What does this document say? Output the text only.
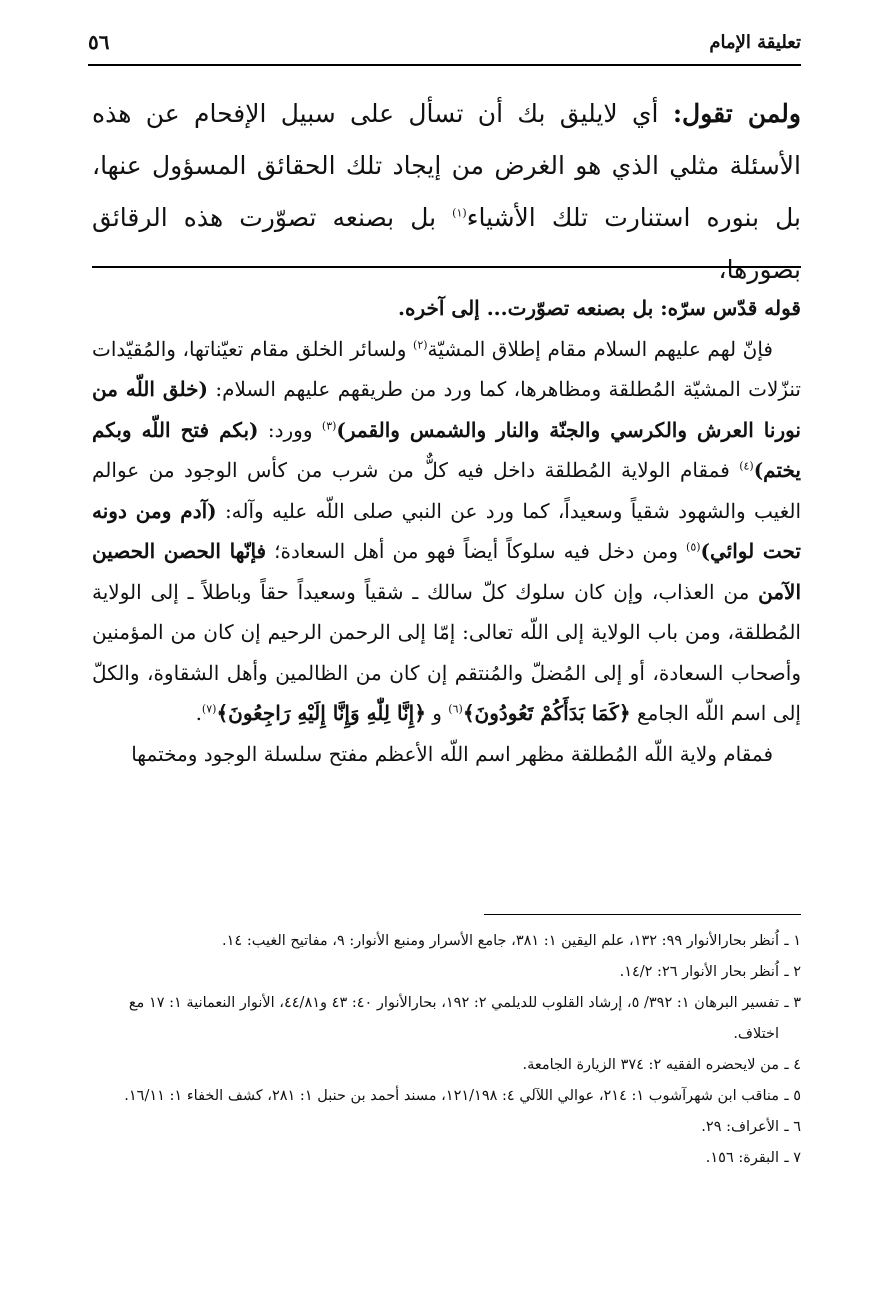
تعليقة الإمام
٥٦
ولمن تقول: أي لايليق بك أن تسأل على سبيل الإفحام عن هذه الأسئلة مثلي الذي هو الغرض من إيجاد تلك الحقائق المسؤول عنها، بل بنوره استنارت تلك الأشياء$^{(١)}$ بل بصنعه تصوّرت هذه الرقائق بصورها،

قوله قدّس سرّه: بل بصنعه تصوّرت... إلى آخره.

فإنّ لهم عليهم السلام مقام إطلاق المشيّة$^{(٢)}$ ولسائر الخلق مقام تعيّناتها، والمُقيّدات تنزّلات المشيّة المُطلقة ومظاهرها، كما ورد من طريقهم عليهم السلام: (خلق اللّه من نورنا العرش والكرسي والجنّة والنار والشمس والقمر)$^{(٣)}$ وورد: (بكم فتح اللّه وبكم يختم)$^{(٤)}$ فمقام الولاية المُطلقة داخل فيه كلٌّ من شرب من كأس الوجود من عوالم الغيب والشهود شقياً وسعيداً، كما ورد عن النبي صلى اللّه عليه وآله: (آدم ومن دونه تحت لوائي)$^{(٥)}$ ومن دخل فيه سلوكاً أيضاً فهو من أهل السعادة؛ فإنّها الحصن الحصين الآمن من العذاب، وإن كان سلوك كلّ سالك ـ شقياً وسعيداً حقاً وباطلاً ـ إلى الولاية المُطلقة، ومن باب الولاية إلى اللّه تعالى: إمّا إلى الرحمن الرحيم إن كان من المؤمنين وأصحاب السعادة، أو إلى المُضلّ والمُنتقم إن كان من الظالمين وأهل الشقاوة، والكلّ إلى اسم اللّه الجامع ﴿كَمَا بَدَأَكُمْ تَعُودُونَ﴾$^{(٦)}$ و ﴿إِنَّا لِلّٰهِ وَإِنَّا إِلَيْهِ رَاجِعُونَ﴾$^{(٧)}$.

فمقام ولاية اللّه المُطلقة مظهر اسم اللّه الأعظم مفتح سلسلة الوجود ومختمها

١ ـاُنظر بحارالأنوار ٩٩: ١٣٢، علم اليقين ١: ٣٨١، جامع الأسرار ومنبع الأنوار: ٩، مفاتيح الغيب: ١٤.

٢ ـاُنظر بحار الأنوار ٢٦: ١٤/٢.

٣ ـتفسير البرهان ١: ٣٩٢/ ٥، إرشاد القلوب للديلمي ٢: ١٩٢، بحارالأنوار ٤٠: ٤٣ و٤٤/٨١، الأنوار النعمانية ١: ١٧ مع اختلاف.

٤ ـمن لايحضره الفقيه ٢: ٣٧٤ الزيارة الجامعة.

٥ ـمناقب ابن شهرآشوب ١: ٢١٤، عوالي اللآلي ٤: ١٢١/١٩٨، مسند أحمد بن حنبل ١: ٢٨١، كشف الخفاء ١: ١٦/١١.

٦ ـالأعراف: ٢٩.

٧ ـالبقرة: ١٥٦.
